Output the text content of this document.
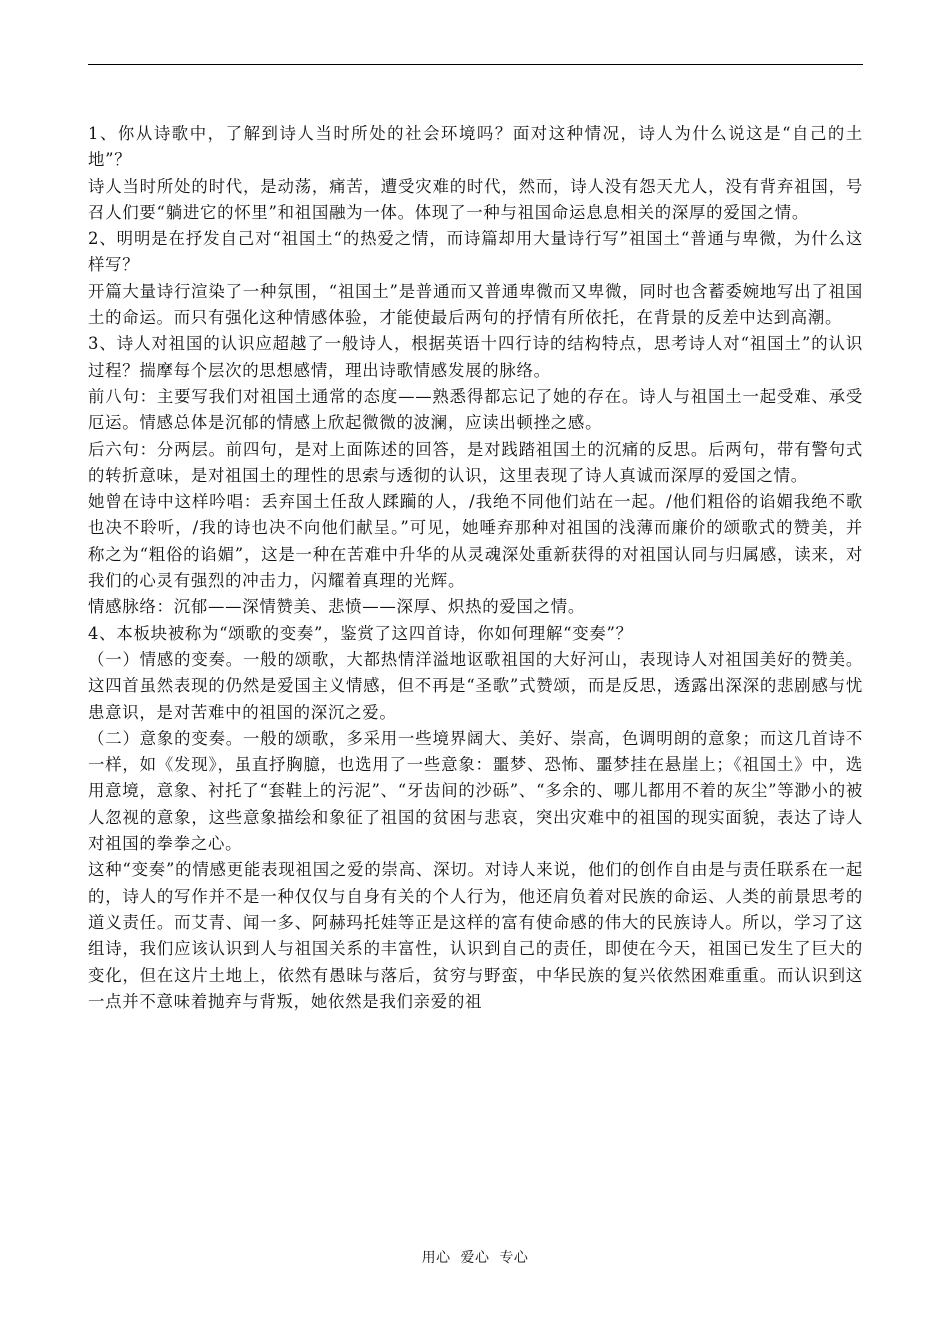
1、你从诗歌中，了解到诗人当时所处的社会环境吗？面对这种情况，诗人为什么说这是“自己的土地”？

诗人当时所处的时代，是动荡，痛苦，遭受灾难的时代，然而，诗人没有怨天尤人，没有背弃祖国，号召人们要“躺进它的怀里”和祖国融为一体。体现了一种与祖国命运息息相关的深厚的爱国之情。

2、明明是在抒发自己对“祖国土“的热爱之情，而诗篇却用大量诗行写”祖国土“普通与卑微，为什么这样写？

开篇大量诗行渲染了一种氛围，“祖国土”是普通而又普通卑微而又卑微，同时也含蓄委婉地写出了祖国土的命运。而只有强化这种情感体验，才能使最后两句的抒情有所依托，在背景的反差中达到高潮。

3、诗人对祖国的认识应超越了一般诗人，根据英语十四行诗的结构特点，思考诗人对“祖国土”的认识过程？揣摩每个层次的思想感情，理出诗歌情感发展的脉络。

前八句：主要写我们对祖国土通常的态度——熟悉得都忘记了她的存在。诗人与祖国土一起受难、承受厄运。情感总体是沉郁的情感上欣起微微的波澜，应读出顿挫之感。

后六句：分两层。前四句，是对上面陈述的回答，是对践踏祖国土的沉痛的反思。后两句，带有警句式的转折意味，是对祖国土的理性的思索与透彻的认识，这里表现了诗人真诚而深厚的爱国之情。

她曾在诗中这样吟唱：丢弃国土任敌人蹂躏的人，/我绝不同他们站在一起。/他们粗俗的谄媚我绝不歌也决不聆听，/我的诗也决不向他们献呈。”可见，她唾弃那种对祖国的浅薄而廉价的颂歌式的赞美，并称之为“粗俗的谄媚”，这是一种在苦难中升华的从灵魂深处重新获得的对祖国认同与归属感，读来，对我们的心灵有强烈的冲击力，闪耀着真理的光辉。

情感脉络：沉郁——深情赞美、悲愤——深厚、炽热的爱国之情。

4、本板块被称为“颂歌的变奏”，鉴赏了这四首诗，你如何理解“变奏”？

（一）情感的变奏。一般的颂歌，大都热情洋溢地讴歌祖国的大好河山，表现诗人对祖国美好的赞美。这四首虽然表现的仍然是爱国主义情感，但不再是“圣歌”式赞颂，而是反思，透露出深深的悲剧感与忧患意识，是对苦难中的祖国的深沉之爱。

（二）意象的变奏。一般的颂歌，多采用一些境界阔大、美好、崇高，色调明朗的意象；而这几首诗不一样，如《发现》，虽直抒胸臆，也选用了一些意象：噩梦、恐怖、噩梦挂在悬崖上；《祖国土》中，选用意境，意象、衬托了“套鞋上的污泥”、“牙齿间的沙砾”、“多余的、哪儿都用不着的灰尘”等渺小的被人忽视的意象，这些意象描绘和象征了祖国的贫困与悲哀，突出灾难中的祖国的现实面貌，表达了诗人对祖国的拳拳之心。

这种“变奏”的情感更能表现祖国之爱的崇高、深切。对诗人来说，他们的创作自由是与责任联系在一起的，诗人的写作并不是一种仅仅与自身有关的个人行为，他还肩负着对民族的命运、人类的前景思考的道义责任。而艾青、闻一多、阿赫玛托娃等正是这样的富有使命感的伟大的民族诗人。所以，学习了这组诗，我们应该认识到人与祖国关系的丰富性，认识到自己的责任，即使在今天，祖国已发生了巨大的变化，但在这片土地上，依然有愚昧与落后，贫穷与野蛮，中华民族的复兴依然困难重重。而认识到这一点并不意味着抛弃与背叛，她依然是我们亲爱的祖

用心  爱心  专心
